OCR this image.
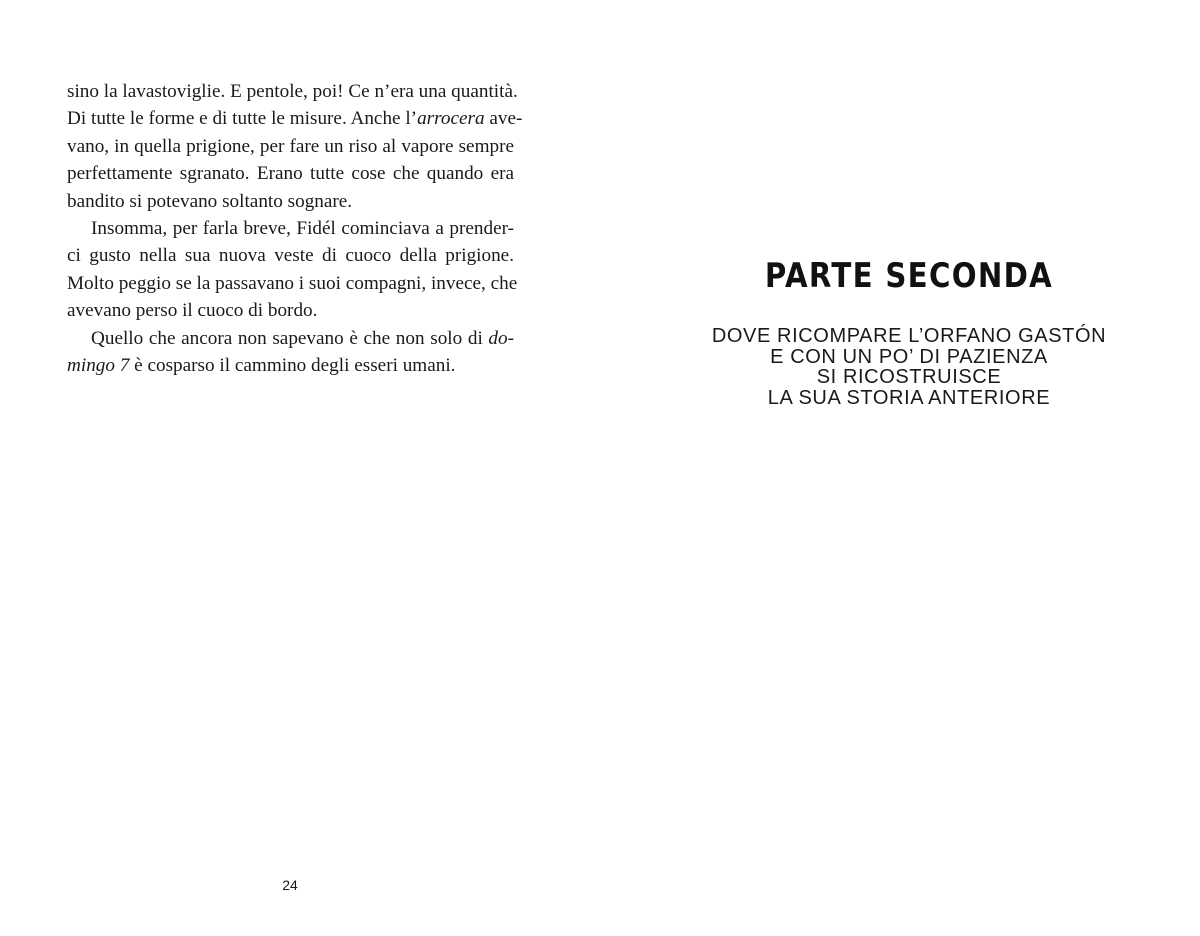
sino la lavastoviglie. E pentole, poi! Ce n’era una quantità.
Di tutte le forme e di tutte le misure. Anche l’arrocera ave-
vano, in quella prigione, per fare un riso al vapore sempre
perfettamente sgranato. Erano tutte cose che quando era
bandito si potevano soltanto sognare.
Insomma, per farla breve, Fidél cominciava a prender-
ci gusto nella sua nuova veste di cuoco della prigione.
Molto peggio se la passavano i suoi compagni, invece, che
avevano perso il cuoco di bordo.
Quello che ancora non sapevano è che non solo di do-
mingo 7 è cosparso il cammino degli esseri umani.
24
PARTE SECONDA
DOVE RICOMPARE L’ORFANO GASTÓN
E CON UN PO’ DI PAZIENZA
SI RICOSTRUISCE
LA SUA STORIA ANTERIORE
